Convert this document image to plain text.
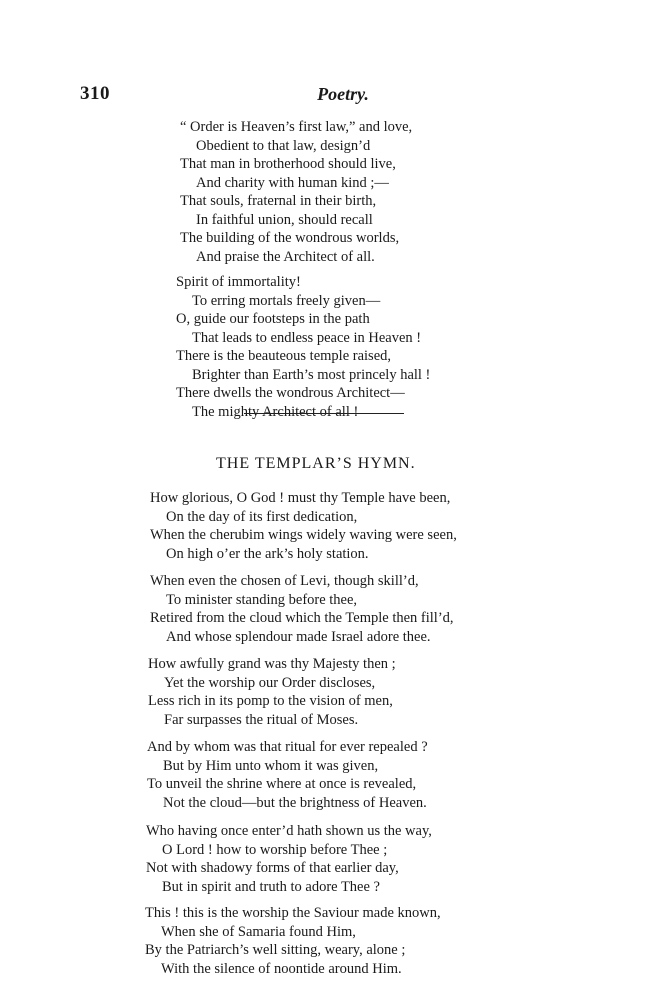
310	Poetry.
“ Order is Heaven’s first law,” and love,
Obedient to that law, design’d
That man in brotherhood should live,
And charity with human kind ;—
That souls, fraternal in their birth,
In faithful union, should recall
The building of the wondrous worlds,
And praise the Architect of all.
Spirit of immortality!
To erring mortals freely given—
O, guide our footsteps in the path
That leads to endless peace in Heaven !
There is the beauteous temple raised,
Brighter than Earth’s most princely hall !
There dwells the wondrous Architect—
The mighty Architect of all !
THE TEMPLAR’S HYMN.
How glorious, O God ! must thy Temple have been,
On the day of its first dedication,
When the cherubim wings widely waving were seen,
On high o’er the ark’s holy station.
When even the chosen of Levi, though skill’d,
To minister standing before thee,
Retired from the cloud which the Temple then fill’d,
And whose splendour made Israel adore thee.
How awfully grand was thy Majesty then ;
Yet the worship our Order discloses,
Less rich in its pomp to the vision of men,
Far surpasses the ritual of Moses.
And by whom was that ritual for ever repealed ?
But by Him unto whom it was given,
To unveil the shrine where at once is revealed,
Not the cloud—but the brightness of Heaven.
Who having once enter’d hath shown us the way,
O Lord ! how to worship before Thee ;
Not with shadowy forms of that earlier day,
But in spirit and truth to adore Thee ?
This ! this is the worship the Saviour made known,
When she of Samaria found Him,
By the Patriarch’s well sitting, weary, alone ;
With the silence of noontide around Him.
